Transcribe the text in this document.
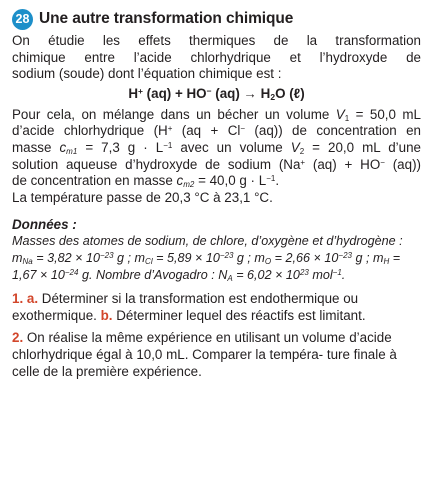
28 Une autre transformation chimique
On étudie les effets thermiques de la transformation
chimique entre l’acide chlorhydrique et l’hydroxyde de
sodium (soude) dont l’équation chimique est :
H+ (aq) + HO− $(aq) \to H_2O$ (ℓ)
Pour cela, on mélange dans un bécher un volume $V_1 = 50,0$ mL
d’acide chlorhydrique (H+ (aq + Cl− (aq)) de concentration en
masse $c_{m1} = 7,3$ $g \cdot L^{-1}$ avec un volume $V_2 = 20,0$ mL d’une
solution aqueuse d’hydroxyde de sodium (Na+ (aq) + HO− (aq))
de concentration en masse $c_{m2} = 40,0$ $g \cdot L^{-1}$.
La température passe de 20,3 °C à 23,1 °C.
Données :
Masses des atomes de sodium, de chlore, d’oxygène et d’hydrogène : $m_{Na} = 3,82 \times 10^{-23}$ g ; $m_{Cl} = 5,89 \times 10^{-23}$ g ; $m_O = 2,66 \times 10^{-23}$ g ; $m_H = 1,67 \times 10^{-24}$ g. Nombre d’Avogadro : $N_A = 6,02 \times 10^{23}$ mol$^{-1}$.
1. a. Déterminer si la transformation est endothermique ou exothermique. b. Déterminer lequel des réactifs est limitant.
2. On réalise la même expérience en utilisant un volume d’acide chlorhydrique égal à 10,0 mL. Comparer la tempéra- ture finale à celle de la première expérience.
